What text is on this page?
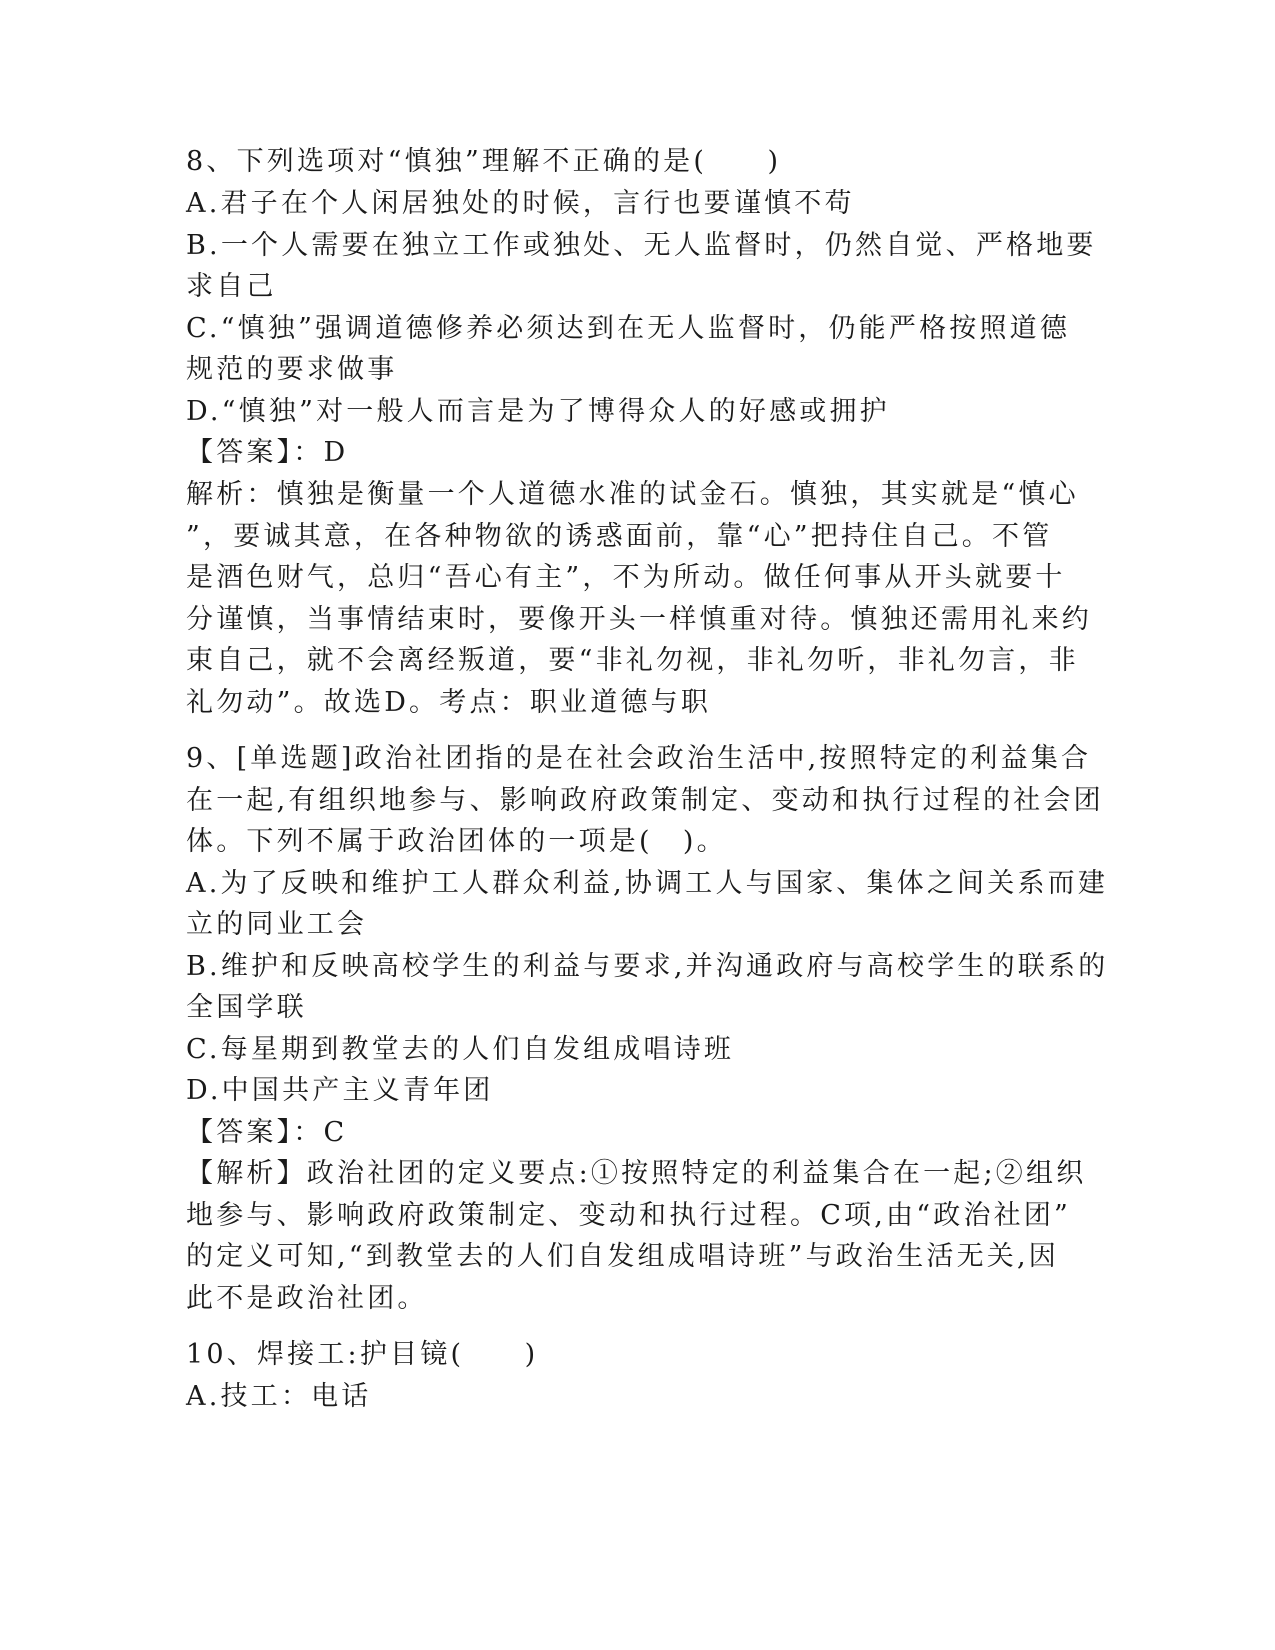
8、下列选项对“慎独”理解不正确的是(　　)
A.君子在个人闲居独处的时候，言行也要谨慎不苟
B.一个人需要在独立工作或独处、无人监督时，仍然自觉、严格地要
求自己
C.“慎独”强调道德修养必须达到在无人监督时，仍能严格按照道德
规范的要求做事
D.“慎独”对一般人而言是为了博得众人的好感或拥护
【答案】：D
解析：慎独是衡量一个人道德水准的试金石。慎独，其实就是“慎心
”，要诚其意，在各种物欲的诱惑面前，靠“心”把持住自己。不管
是酒色财气，总归“吾心有主”，不为所动。做任何事从开头就要十
分谨慎，当事情结束时，要像开头一样慎重对待。慎独还需用礼来约
束自己，就不会离经叛道，要“非礼勿视，非礼勿听，非礼勿言，非
礼勿动”。故选D。考点：职业道德与职
9、[单选题]政治社团指的是在社会政治生活中,按照特定的利益集合
在一起,有组织地参与、影响政府政策制定、变动和执行过程的社会团
体。下列不属于政治团体的一项是(　)。
A.为了反映和维护工人群众利益,协调工人与国家、集体之间关系而建
立的同业工会
B.维护和反映高校学生的利益与要求,并沟通政府与高校学生的联系的
全国学联
C.每星期到教堂去的人们自发组成唱诗班
D.中国共产主义青年团
【答案】：C
【解析】政治社团的定义要点:①按照特定的利益集合在一起;②组织
地参与、影响政府政策制定、变动和执行过程。C项,由“政治社团”
的定义可知,“到教堂去的人们自发组成唱诗班”与政治生活无关,因
此不是政治社团。
10、焊接工:护目镜(　　)
A.技工：电话
